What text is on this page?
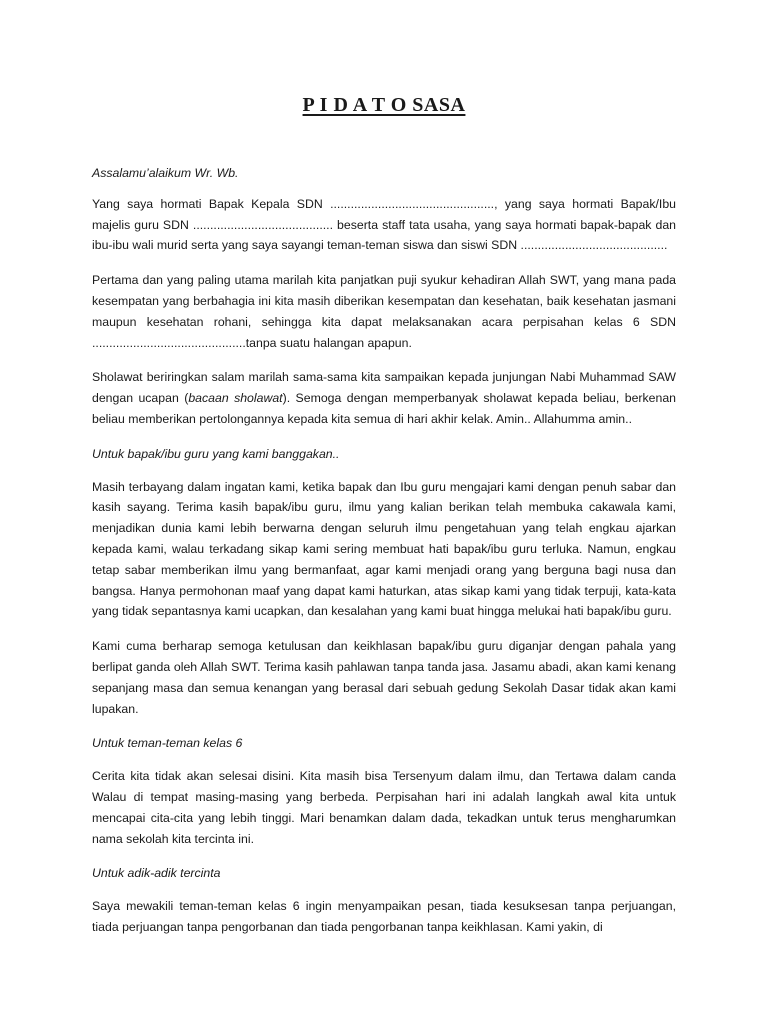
P I D A T O SASA

Assalamu’alaikum Wr. Wb.

Yang saya hormati Bapak Kepala SDN ................................................, yang saya hormati Bapak/Ibu majelis guru SDN ......................................... beserta staff tata usaha, yang saya hormati bapak-bapak dan ibu-ibu wali murid serta yang saya sayangi teman-teman siswa dan siswi SDN ...........................................

Pertama dan yang paling utama marilah kita panjatkan puji syukur kehadiran Allah SWT, yang mana pada kesempatan yang berbahagia ini kita masih diberikan kesempatan dan kesehatan, baik kesehatan jasmani maupun kesehatan rohani, sehingga kita dapat melaksanakan acara perpisahan kelas 6 SDN .............................................tanpa suatu halangan apapun.

Sholawat beriringkan salam marilah sama-sama kita sampaikan kepada junjungan Nabi Muhammad SAW dengan ucapan (bacaan sholawat). Semoga dengan memperbanyak sholawat kepada beliau, berkenan beliau memberikan pertolongannya kepada kita semua di hari akhir kelak. Amin.. Allahumma amin..

Untuk bapak/ibu guru yang kami banggakan..

Masih terbayang dalam ingatan kami, ketika bapak dan Ibu guru mengajari kami dengan penuh sabar dan kasih sayang. Terima kasih bapak/ibu guru, ilmu yang kalian berikan telah membuka cakawala kami, menjadikan dunia kami lebih berwarna dengan seluruh ilmu pengetahuan yang telah engkau ajarkan kepada kami, walau terkadang sikap kami sering membuat hati bapak/ibu guru terluka. Namun, engkau tetap sabar memberikan ilmu yang bermanfaat, agar kami menjadi orang yang berguna bagi nusa dan bangsa. Hanya permohonan maaf yang dapat kami haturkan, atas sikap kami yang tidak terpuji, kata-kata yang tidak sepantasnya kami ucapkan, dan kesalahan yang kami buat hingga melukai hati bapak/ibu guru.

Kami cuma berharap semoga ketulusan dan keikhlasan bapak/ibu guru diganjar dengan pahala yang berlipat ganda oleh Allah SWT. Terima kasih pahlawan tanpa tanda jasa. Jasamu abadi, akan kami kenang sepanjang masa dan semua kenangan yang berasal dari sebuah gedung Sekolah Dasar tidak akan kami lupakan.

Untuk teman-teman kelas 6

Cerita kita tidak akan selesai disini. Kita masih bisa Tersenyum dalam ilmu, dan Tertawa dalam canda Walau di tempat masing-masing yang berbeda. Perpisahan hari ini adalah langkah awal kita untuk mencapai cita-cita yang lebih tinggi. Mari benamkan dalam dada, tekadkan untuk terus mengharumkan nama sekolah kita tercinta ini.

Untuk adik-adik tercinta

Saya mewakili teman-teman kelas 6 ingin menyampaikan pesan, tiada kesuksesan tanpa perjuangan, tiada perjuangan tanpa pengorbanan dan tiada pengorbanan tanpa keikhlasan. Kami yakin, di
